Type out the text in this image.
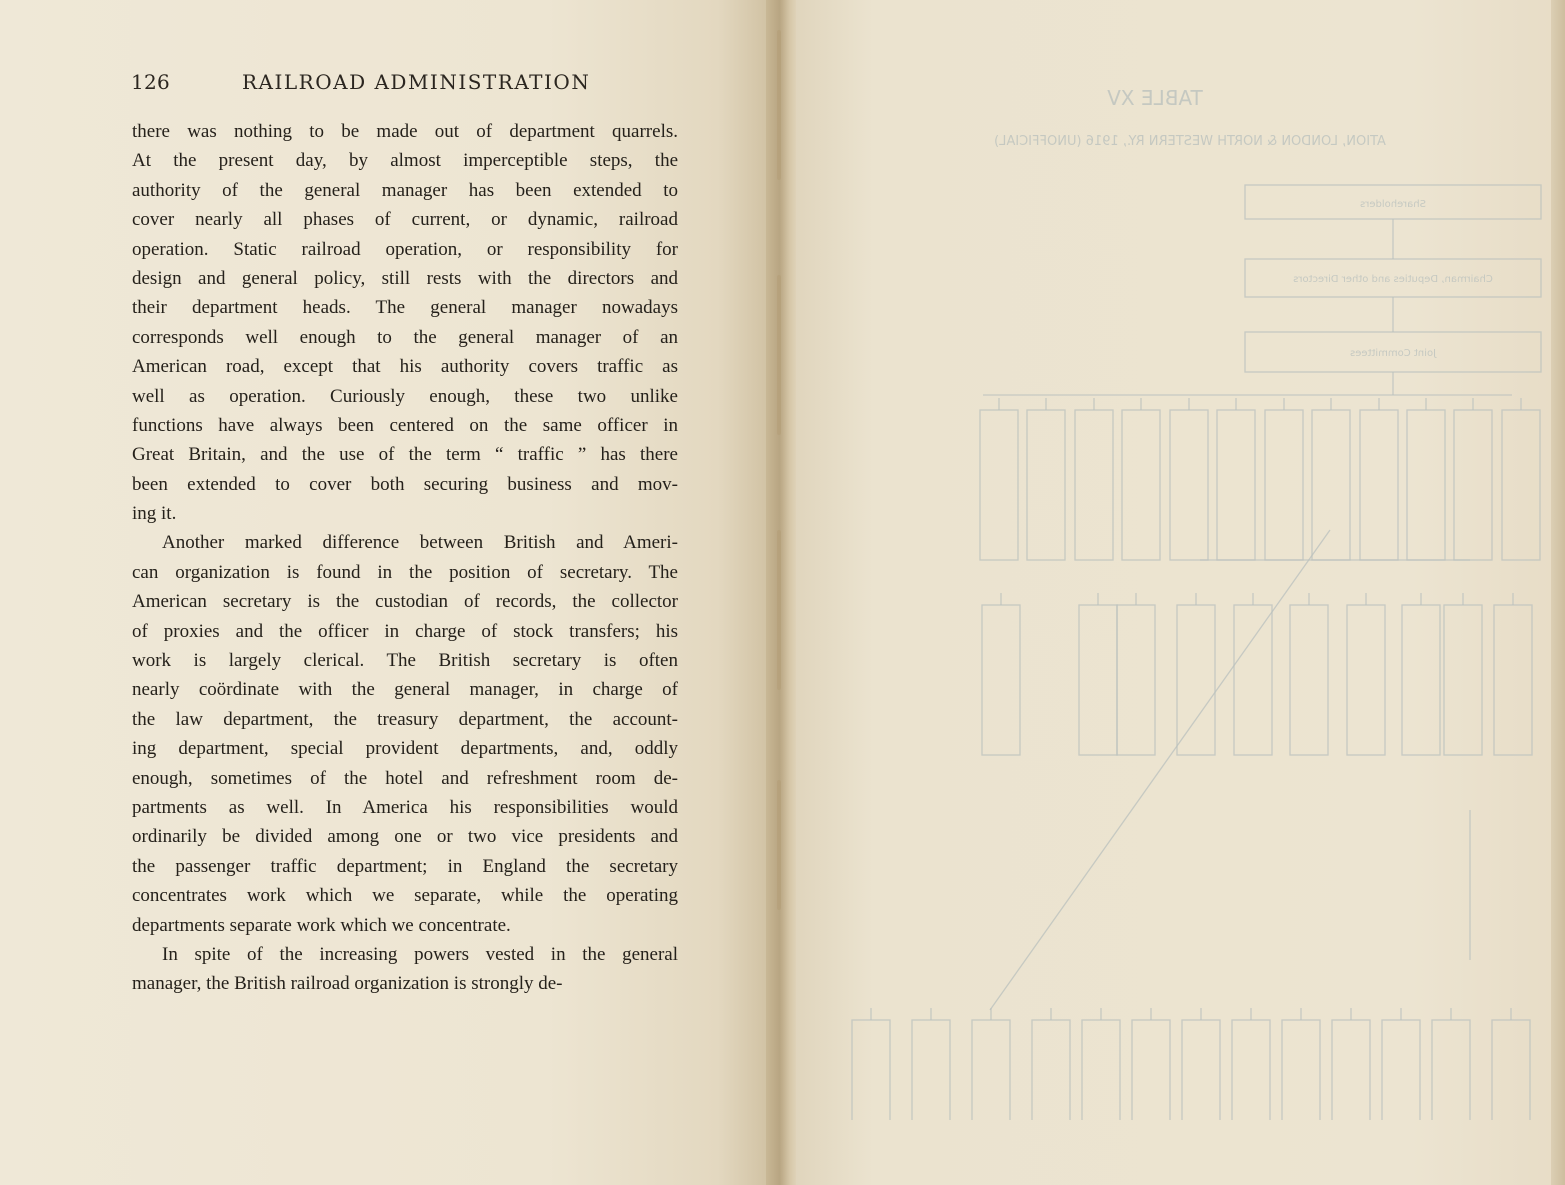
126	RAILROAD ADMINISTRATION
there was nothing to be made out of department quarrels.
At the present day, by almost imperceptible steps, the
authority of the general manager has been extended to
cover nearly all phases of current, or dynamic, railroad
operation. Static railroad operation, or responsibility for
design and general policy, still rests with the directors and
their department heads. The general manager nowadays
corresponds well enough to the general manager of an
American road, except that his authority covers traffic as
well as operation. Curiously enough, these two unlike
functions have always been centered on the same officer in
Great Britain, and the use of the term “ traffic ” has there
been extended to cover both securing business and mov-
ing it.
Another marked difference between British and Ameri-
can organization is found in the position of secretary. The
American secretary is the custodian of records, the collector
of proxies and the officer in charge of stock transfers; his
work is largely clerical. The British secretary is often
nearly coördinate with the general manager, in charge of
the law department, the treasury department, the account-
ing department, special provident departments, and, oddly
enough, sometimes of the hotel and refreshment room de-
partments as well. In America his responsibilities would
ordinarily be divided among one or two vice presidents and
the passenger traffic department; in England the secretary
concentrates work which we separate, while the operating
departments separate work which we concentrate.
In spite of the increasing powers vested in the general
manager, the British railroad organization is strongly de-
TABLE XV
ATION, LONDON & NORTH WESTERN RY., 1916 (UNOFFICIAL)
Shareholders
Chairman, Deputies and other Directors
Joint Committees
